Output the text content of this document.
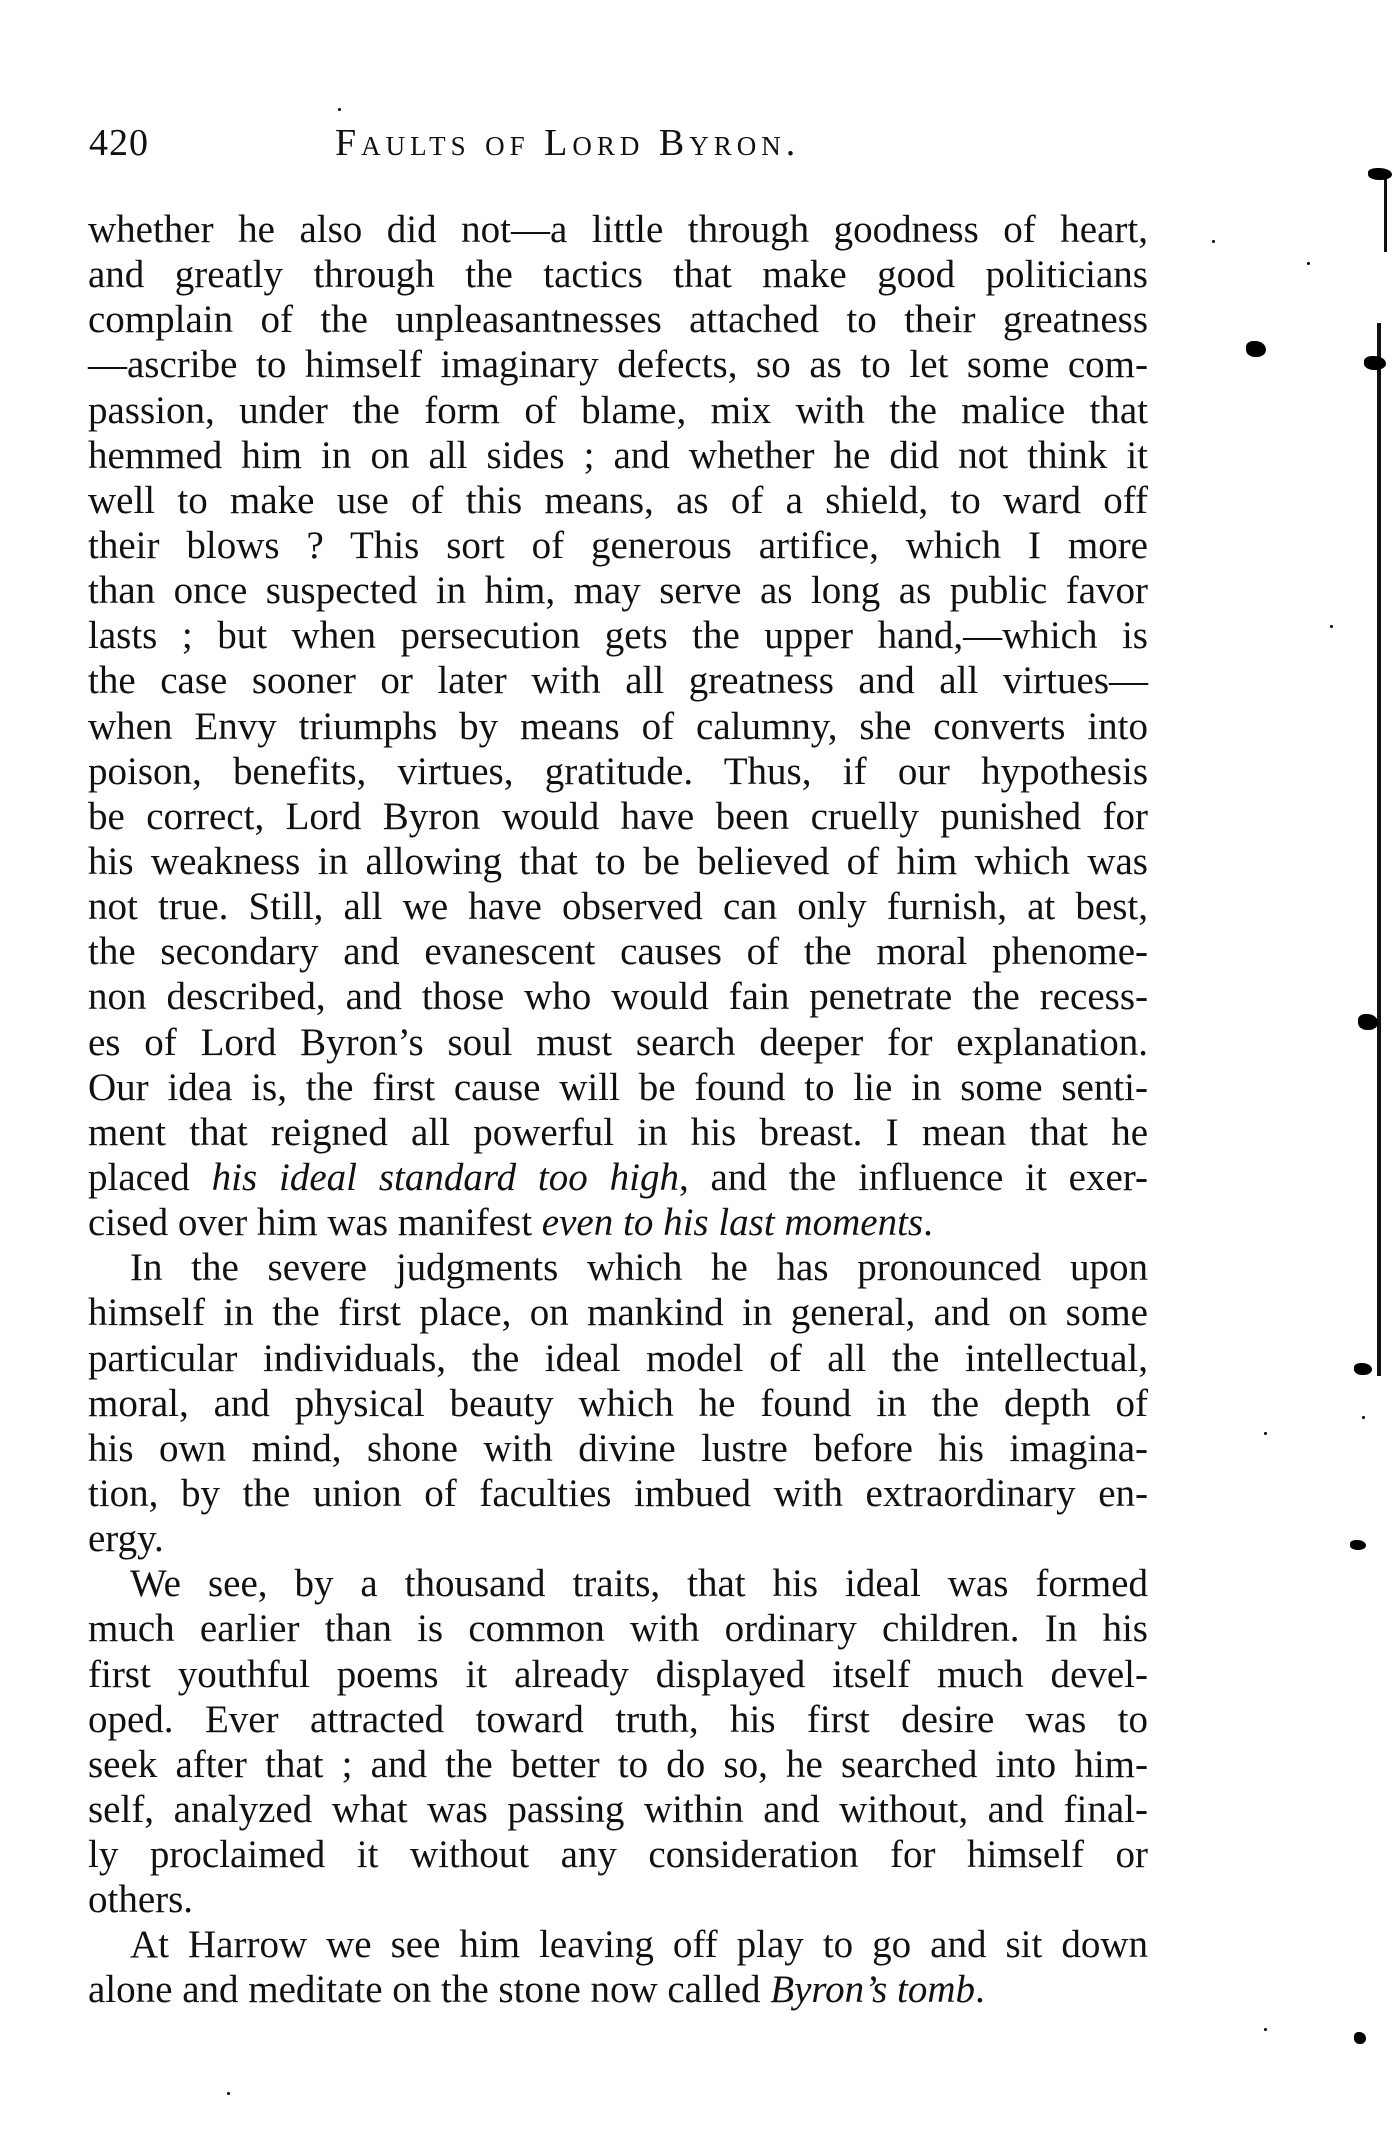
420	Faults of Lord Byron.
whether he also did not—a little through goodness of heart,
and greatly through the tactics that make good politicians
complain of the unpleasantnesses attached to their greatness
—ascribe to himself imaginary defects, so as to let some com-
passion, under the form of blame, mix with the malice that
hemmed him in on all sides ; and whether he did not think it
well to make use of this means, as of a shield, to ward off
their blows ? This sort of generous artifice, which I more
than once suspected in him, may serve as long as public favor
lasts ; but when persecution gets the upper hand,—which is
the case sooner or later with all greatness and all virtues—
when Envy triumphs by means of calumny, she converts into
poison, benefits, virtues, gratitude. Thus, if our hypothesis
be correct, Lord Byron would have been cruelly punished for
his weakness in allowing that to be believed of him which was
not true. Still, all we have observed can only furnish, at best,
the secondary and evanescent causes of the moral phenome-
non described, and those who would fain penetrate the recess-
es of Lord Byron’s soul must search deeper for explanation.
Our idea is, the first cause will be found to lie in some senti-
ment that reigned all powerful in his breast. I mean that he
placed his ideal standard too high, and the influence it exer-
cised over him was manifest even to his last moments.
In the severe judgments which he has pronounced upon
himself in the first place, on mankind in general, and on some
particular individuals, the ideal model of all the intellectual,
moral, and physical beauty which he found in the depth of
his own mind, shone with divine lustre before his imagina-
tion, by the union of faculties imbued with extraordinary en-
ergy.
We see, by a thousand traits, that his ideal was formed
much earlier than is common with ordinary children. In his
first youthful poems it already displayed itself much devel-
oped. Ever attracted toward truth, his first desire was to
seek after that ; and the better to do so, he searched into him-
self, analyzed what was passing within and without, and final-
ly proclaimed it without any consideration for himself or
others.
At Harrow we see him leaving off play to go and sit down
alone and meditate on the stone now called Byron’s tomb.
